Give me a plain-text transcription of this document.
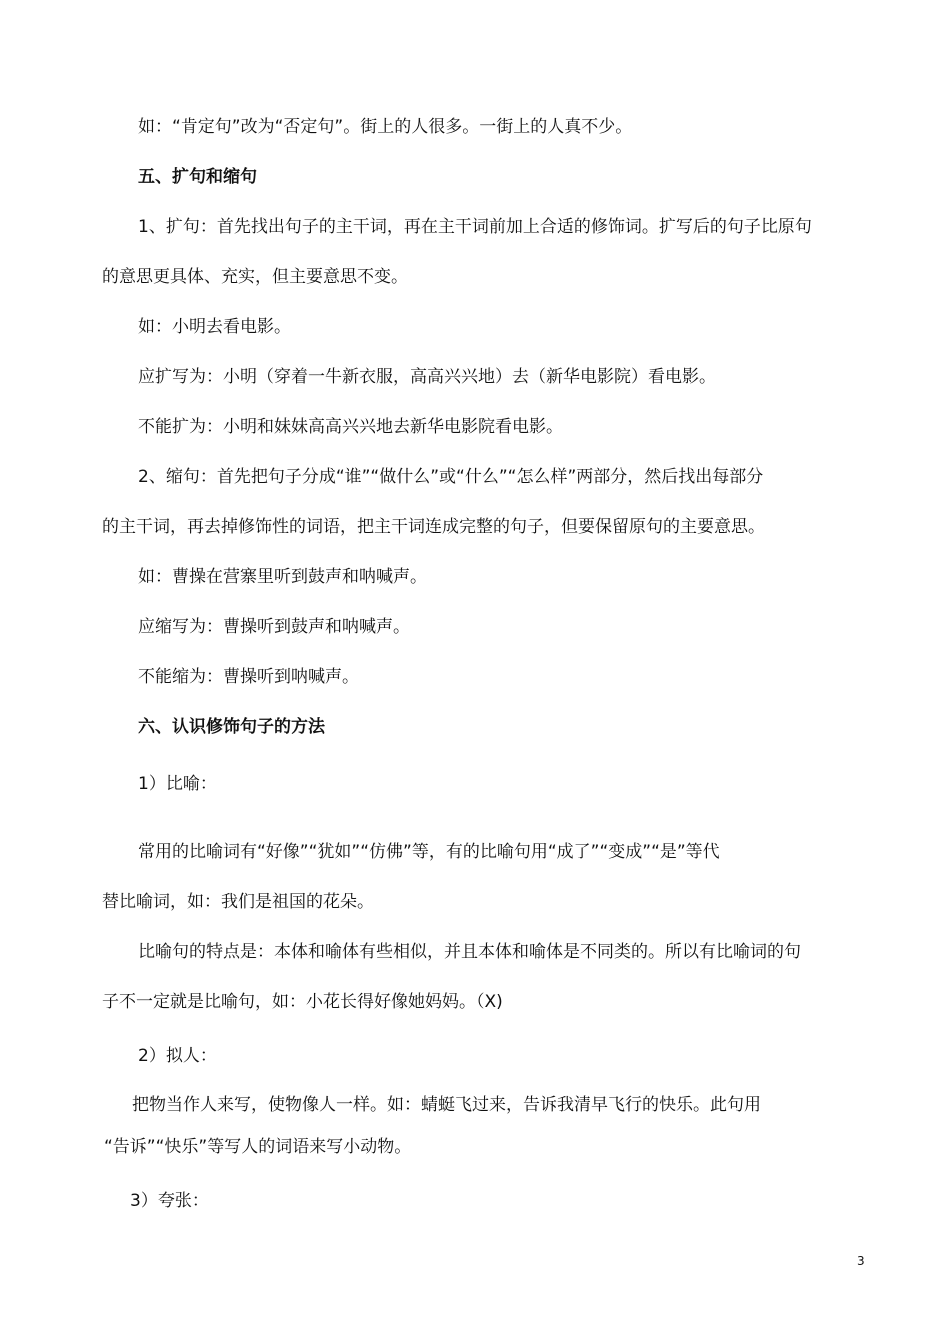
如：“肯定句”改为“否定句”。街上的人很多。一街上的人真不少。
五、扩句和缩句
1、扩句：首先找出句子的主干词，再在主干词前加上合适的修饰词。扩写后的句子比原句
的意思更具体、充实，但主要意思不变。
如：小明去看电影。
应扩写为：小明（穿着一牛新衣服，高高兴兴地）去（新华电影院）看电影。
不能扩为：小明和妹妹高高兴兴地去新华电影院看电影。
2、缩句：首先把句子分成“谁”“做什么”或“什么”“怎么样”两部分，然后找出每部分
的主干词，再去掉修饰性的词语，把主干词连成完整的句子，但要保留原句的主要意思。
如：曹操在营寨里听到鼓声和呐喊声。
应缩写为：曹操听到鼓声和呐喊声。
不能缩为：曹操听到呐喊声。
六、认识修饰句子的方法
1）比喻：
常用的比喻词有“好像”“犹如”“仿佛”等，有的比喻句用“成了”“变成”“是”等代
替比喻词，如：我们是祖国的花朵。
比喻句的特点是：本体和喻体有些相似，并且本体和喻体是不同类的。所以有比喻词的句
子不一定就是比喻句，如：小花长得好像她妈妈。（X)
2）拟人：
把物当作人来写，使物像人一样。如：蜻蜓飞过来，告诉我清早飞行的快乐。此句用
“告诉”“快乐”等写人的词语来写小动物。
3）夸张：
3
